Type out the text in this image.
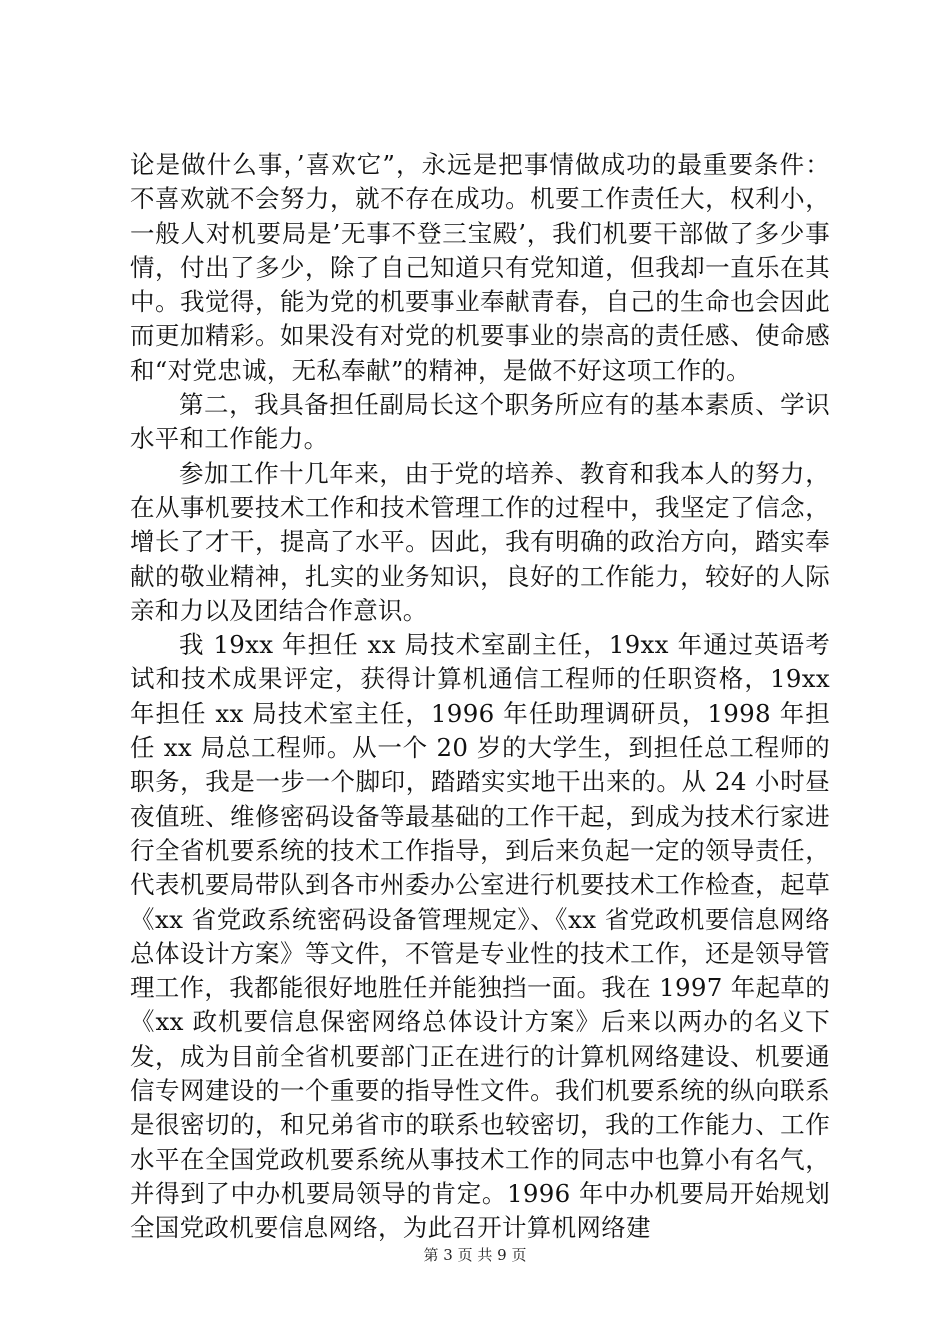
论是做什么事，’喜欢它”，永远是把事情做成功的最重要条件：不喜欢就不会努力，就不存在成功。机要工作责任大，权利小，一般人对机要局是’无事不登三宝殿’，我们机要干部做了多少事情，付出了多少，除了自己知道只有党知道，但我却一直乐在其中。我觉得，能为党的机要事业奉献青春，自己的生命也会因此而更加精彩。如果没有对党的机要事业的崇高的责任感、使命感和“对党忠诚，无私奉献”的精神，是做不好这项工作的。

第二，我具备担任副局长这个职务所应有的基本素质、学识水平和工作能力。

参加工作十几年来，由于党的培养、教育和我本人的努力，在从事机要技术工作和技术管理工作的过程中，我坚定了信念，增长了才干，提高了水平。因此，我有明确的政治方向，踏实奉献的敬业精神，扎实的业务知识，良好的工作能力，较好的人际亲和力以及团结合作意识。

我 19xx 年担任 xx 局技术室副主任，19xx 年通过英语考试和技术成果评定，获得计算机通信工程师的任职资格，19xx 年担任 xx 局技术室主任，1996 年任助理调研员，1998 年担任 xx 局总工程师。从一个 20 岁的大学生，到担任总工程师的职务，我是一步一个脚印，踏踏实实地干出来的。从 24 小时昼夜值班、维修密码设备等最基础的工作干起，到成为技术行家进行全省机要系统的技术工作指导，到后来负起一定的领导责任，代表机要局带队到各市州委办公室进行机要技术工作检查，起草《xx 省党政系统密码设备管理规定》、《xx 省党政机要信息网络总体设计方案》等文件，不管是专业性的技术工作，还是领导管理工作，我都能很好地胜任并能独挡一面。我在 1997 年起草的《xx 政机要信息保密网络总体设计方案》后来以两办的名义下发，成为目前全省机要部门正在进行的计算机网络建设、机要通信专网建设的一个重要的指导性文件。我们机要系统的纵向联系是很密切的，和兄弟省市的联系也较密切，我的工作能力、工作水平在全国党政机要系统从事技术工作的同志中也算小有名气，并得到了中办机要局领导的肯定。1996 年中办机要局开始规划全国党政机要信息网络，为此召开计算机网络建

第 3 页 共 9 页
